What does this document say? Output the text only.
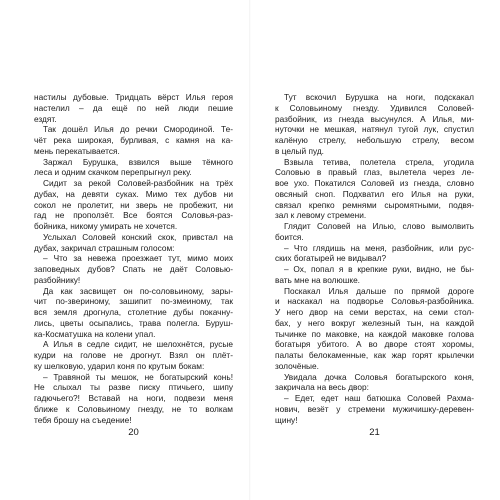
настилы дубовые. Тридцать вёрст Илья героя
настелил – да ещё по ней люди пешие
ездят.
Так дошёл Илья до речки Смородиной. Те-
чёт река широкая, бурливая, с камня на ка-
мень перекатывается.
Заржал Бурушка, взвился выше тёмного
леса и одним скачком перепрыгнул реку.
Сидит за рекой Соловей-разбойник на трёх
дубах, на девяти суках. Мимо тех дубов ни
сокол не пролетит, ни зверь не пробежит, ни
гад не проползёт. Все боятся Соловья-раз-
бойника, никому умирать не хочется.
Услыхал Соловей конский скок, привстал на
дубах, закричал страшным голосом:
– Что за невежа проезжает тут, мимо моих
заповедных дубов? Спать не даёт Соловью-
разбойнику!
Да как засвищет он по-соловьиному, зары-
чит по-звериному, зашипит по-змеиному, так
вся земля дрогнула, столетние дубы покачну-
лись, цветы осыпались, трава полегла. Буруш-
ка-Косматушка на колени упал.
А Илья в седле сидит, не шелохнётся, русые
кудри на голове не дрогнут. Взял он плёт-
ку шелковую, ударил коня по крутым бокам:
– Травяной ты мешок, не богатырский конь!
Не слыхал ты разве писку птичьего, шипу
гадючьего?! Вставай на ноги, подвези меня
ближе к Соловьиному гнезду, не то волкам
тебя брошу на съедение!
Тут вскочил Бурушка на ноги, подскакал
к Соловьиному гнезду. Удивился Соловей-
разбойник, из гнезда высунулся. А Илья, ми-
нуточки не мешкая, натянул тугой лук, спустил
калёную стрелу, небольшую стрелу, весом
в целый пуд.
Взвыла тетива, полетела стрела, угодила
Соловью в правый глаз, вылетела через ле-
вое ухо. Покатился Соловей из гнезда, словно
овсяный сноп. Подхватил его Илья на руки,
связал крепко ремнями сыромятными, подвя-
зал к левому стремени.
Глядит Соловей на Илью, слово вымолвить
боится.
– Что глядишь на меня, разбойник, или рус-
ских богатырей не видывал?
– Ох, попал я в крепкие руки, видно, не бы-
вать мне на волюшке.
Поскакал Илья дальше по прямой дороге
и наскакал на подворье Соловья-разбойника.
У него двор на семи верстах, на семи стол-
бах, у него вокруг железный тын, на каждой
тычинке по маковке, на каждой маковке голова
богатыря убитого. А во дворе стоят хоромы,
палаты белокаменные, как жар горят крылечки
золочёные.
Увидала дочка Соловья богатырского коня,
закричала на весь двор:
– Едет, едет наш батюшка Соловей Рахма-
нович, везёт у стремени мужичишку-деревен-
щину!
20	21
